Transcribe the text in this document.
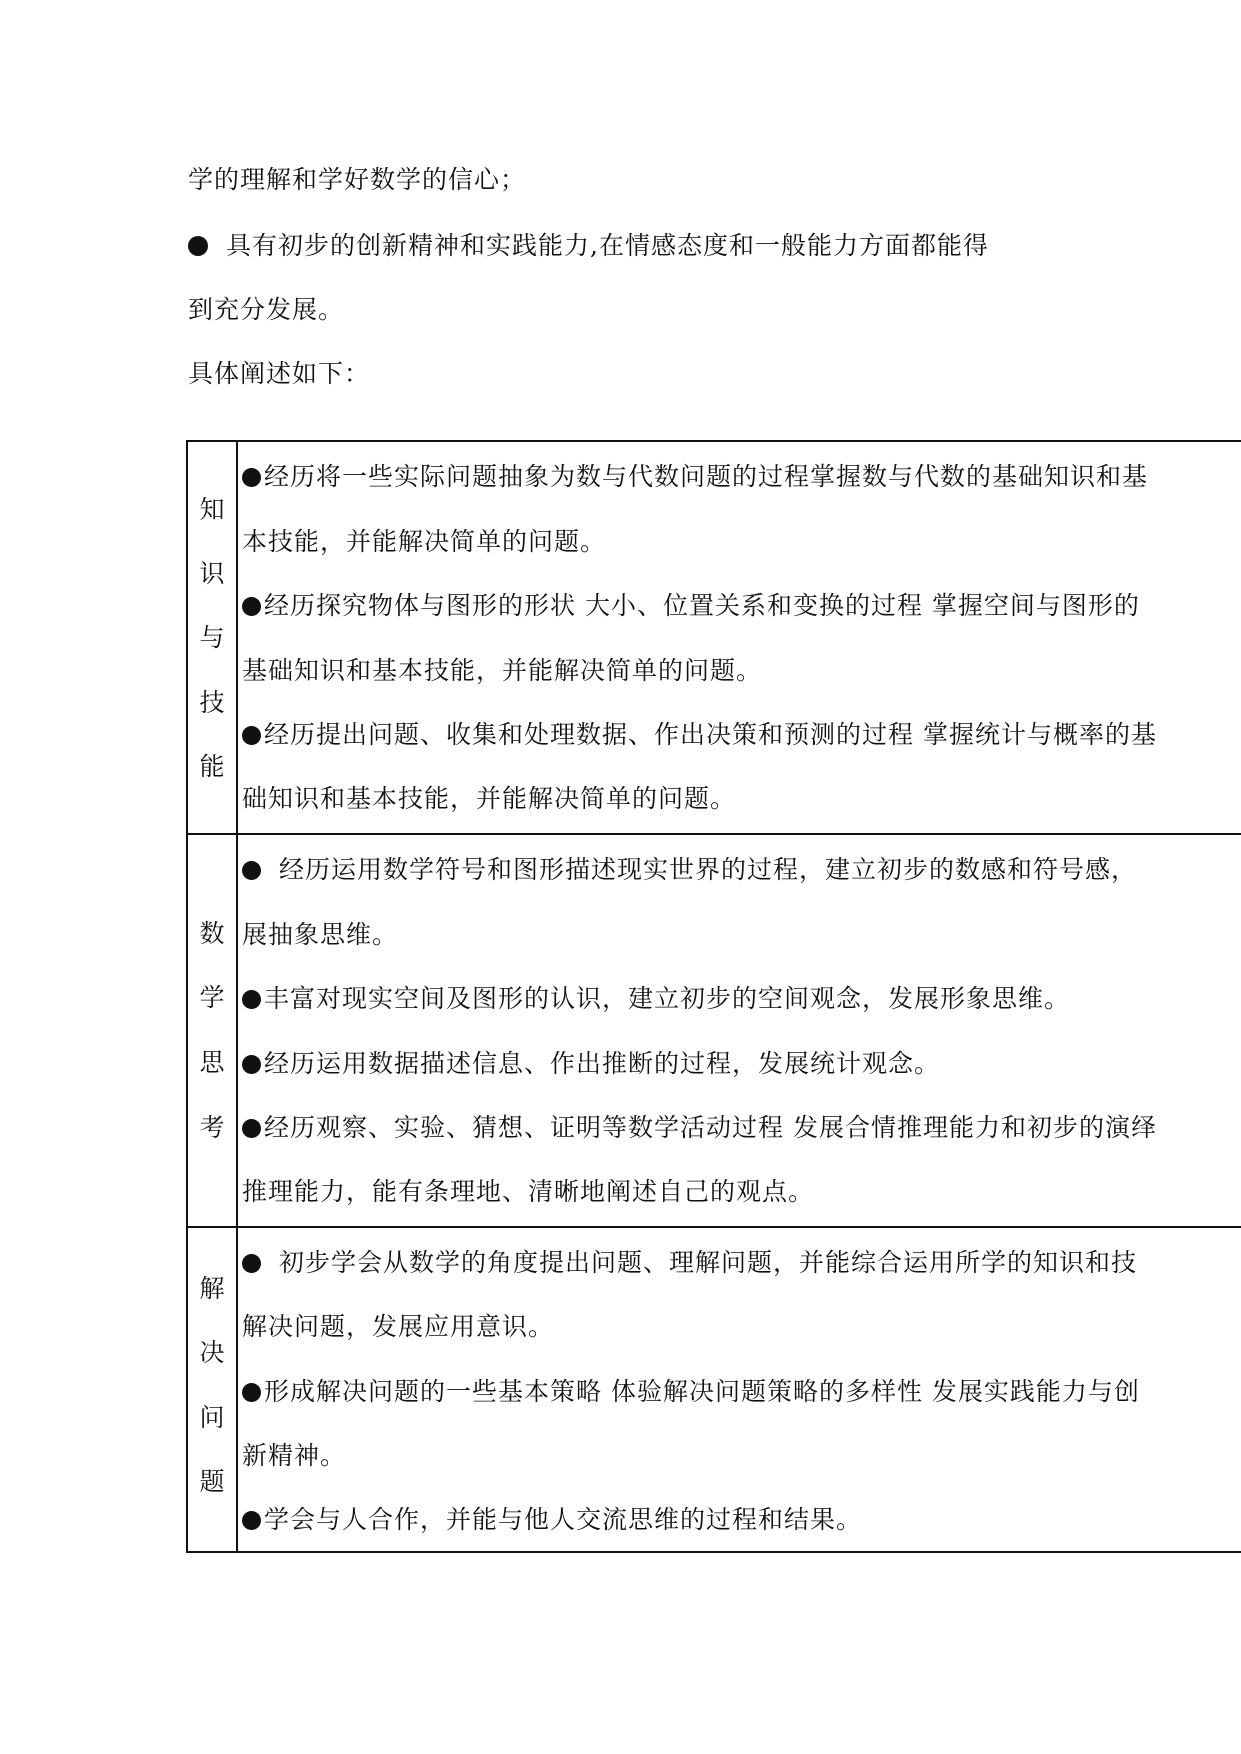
学的理解和学好数学的信心；
具有初步的创新精神和实践能力,在情感态度和一般能力方面都能得
到充分发展。
具体阐述如下：
知
识
与
技
能
经历将一些实际问题抽象为数与代数问题的过程掌握数与代数的基础知识和基
本技能，并能解决简单的问题。
经历探究物体与图形的形状 大小、位置关系和变换的过程 掌握空间与图形的
基础知识和基本技能，并能解决简单的问题。
经历提出问题、收集和处理数据、作出决策和预测的过程 掌握统计与概率的基
础知识和基本技能，并能解决简单的问题。
数
学
思
考
经历运用数学符号和图形描述现实世界的过程，建立初步的数感和符号感，
展抽象思维。
丰富对现实空间及图形的认识，建立初步的空间观念，发展形象思维。
经历运用数据描述信息、作出推断的过程，发展统计观念。
经历观察、实验、猜想、证明等数学活动过程 发展合情推理能力和初步的演绎
推理能力，能有条理地、清晰地阐述自己的观点。
解
决
问
题
初步学会从数学的角度提出问题、理解问题，并能综合运用所学的知识和技
解决问题，发展应用意识。
形成解决问题的一些基本策略 体验解决问题策略的多样性 发展实践能力与创
新精神。
学会与人合作，并能与他人交流思维的过程和结果。
